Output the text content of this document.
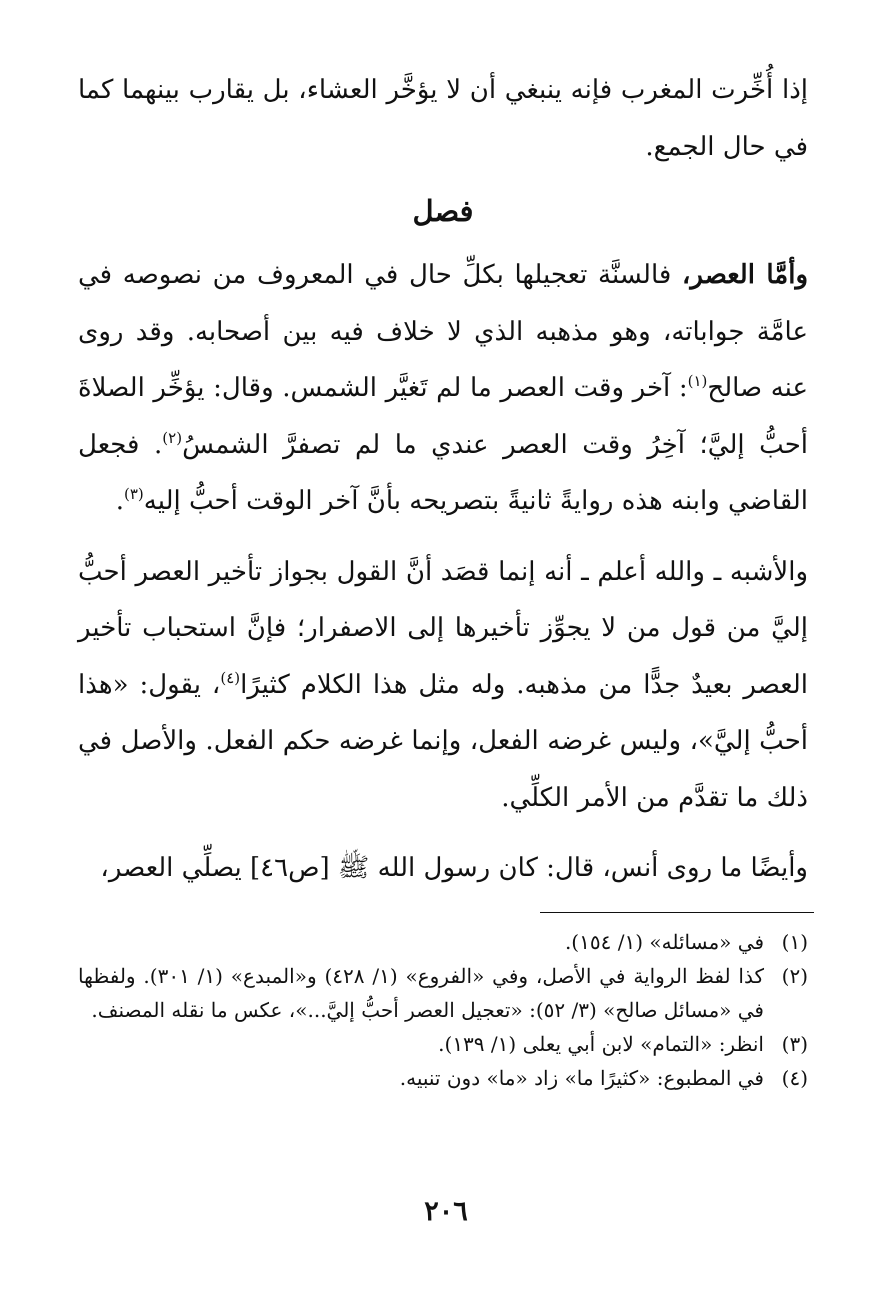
إذا أُخِّرت المغرب فإنه ينبغي أن لا يؤخَّر العشاء، بل يقارب بينهما كما في حال الجمع.

فصل

وأمَّا العصر، فالسنَّة تعجيلها بكلِّ حال في المعروف من نصوصه في عامَّة جواباته، وهو مذهبه الذي لا خلاف فيه بين أصحابه. وقد روى عنه صالح$^{(١)}$: آخر وقت العصر ما لم تَغيَّر الشمس. وقال: يؤخِّر الصلاةَ أحبُّ إليَّ؛ آخِرُ وقت العصر عندي ما لم تصفرَّ الشمسُ$^{(٢)}$. فجعل القاضي وابنه هذه روايةً ثانيةً بتصريحه بأنَّ آخر الوقت أحبُّ إليه$^{(٣)}$.

والأشبه ـ والله أعلم ـ أنه إنما قصَد أنَّ القول بجواز تأخير العصر أحبُّ إليَّ من قول من لا يجوِّز تأخيرها إلى الاصفرار؛ فإنَّ استحباب تأخير العصر بعيدٌ جدًّا من مذهبه. وله مثل هذا الكلام كثيرًا$^{(٤)}$، يقول: «هذا أحبُّ إليَّ»، وليس غرضه الفعل، وإنما غرضه حكم الفعل. والأصل في ذلك ما تقدَّم من الأمر الكلِّي.

وأيضًا ما روى أنس، قال: كان رسول الله ﷺ [ص٤٦] يصلِّي العصر،

(١)
في «مسائله» (١/ ١٥٤).
(٢)
كذا لفظ الرواية في الأصل، وفي «الفروع» (١/ ٤٢٨) و«المبدع» (١/ ٣٠١). ولفظها في «مسائل صالح» (٣/ ٥٢): «تعجيل العصر أحبُّ إليَّ...»، عكس ما نقله المصنف.
(٣)
انظر: «التمام» لابن أبي يعلى (١/ ١٣٩).
(٤)
في المطبوع: «كثيرًا ما» زاد «ما» دون تنبيه.
٢٠٦
